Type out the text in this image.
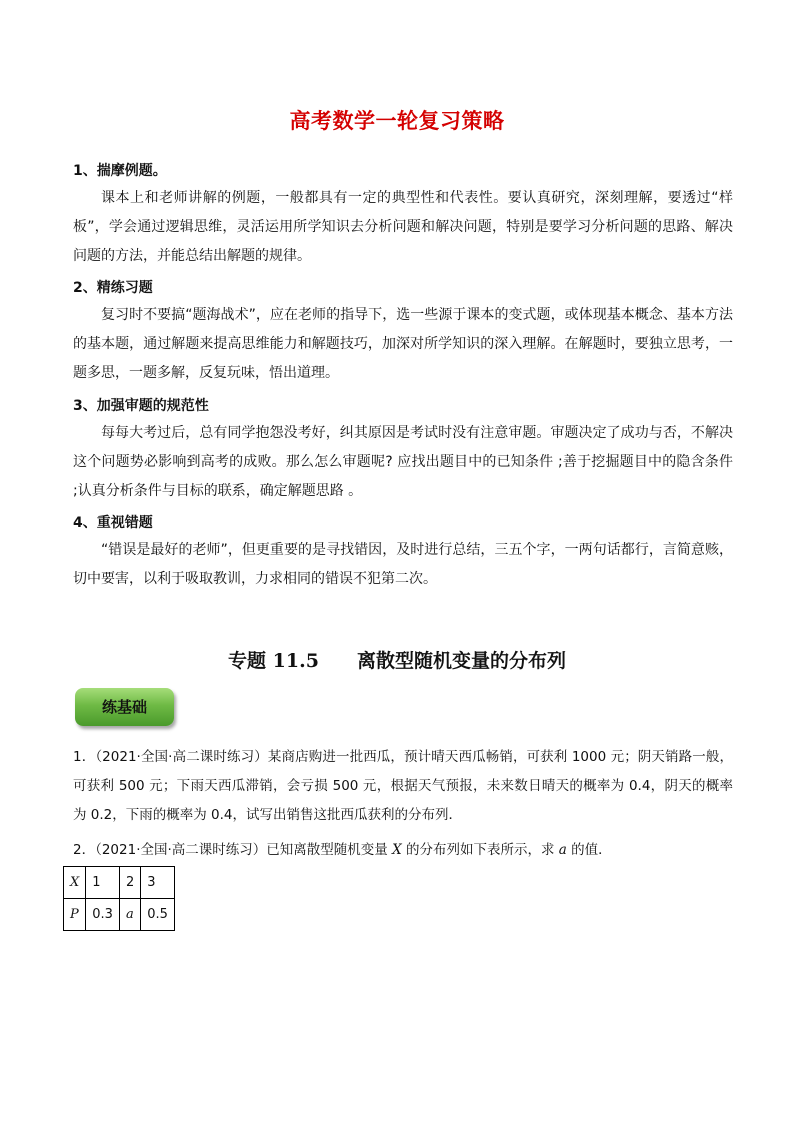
高考数学一轮复习策略
1、揣摩例题。
课本上和老师讲解的例题，一般都具有一定的典型性和代表性。要认真研究，深刻理解，要透过“样板”，学会通过逻辑思维，灵活运用所学知识去分析问题和解决问题，特别是要学习分析问题的思路、解决问题的方法，并能总结出解题的规律。
2、精练习题
复习时不要搞“题海战术”，应在老师的指导下，选一些源于课本的变式题，或体现基本概念、基本方法的基本题，通过解题来提高思维能力和解题技巧，加深对所学知识的深入理解。在解题时，要独立思考，一题多思，一题多解，反复玩味，悟出道理。
3、加强审题的规范性
每每大考过后，总有同学抱怨没考好，纠其原因是考试时没有注意审题。审题决定了成功与否，不解决这个问题势必影响到高考的成败。那么怎么审题呢? 应找出题目中的已知条件 ;善于挖掘题目中的隐含条件 ;认真分析条件与目标的联系，确定解题思路 。
4、重视错题
“错误是最好的老师”，但更重要的是寻找错因，及时进行总结，三五个字，一两句话都行，言简意赅，切中要害，以利于吸取教训，力求相同的错误不犯第二次。
专题 11.5 离散型随机变量的分布列
练基础
1．（2021·全国·高二课时练习）某商店购进一批西瓜，预计晴天西瓜畅销，可获利 1000 元；阴天销路一般，可获利 500 元；下雨天西瓜滞销，会亏损 500 元，根据天气预报，未来数日晴天的概率为 0.4，阴天的概率为 0.2，下雨的概率为 0.4，试写出销售这批西瓜获利的分布列．
2．（2021·全国·高二课时练习）已知离散型随机变量 X 的分布列如下表所示，求 a 的值．
X	1	2	3
P	0.3	a	0.5
